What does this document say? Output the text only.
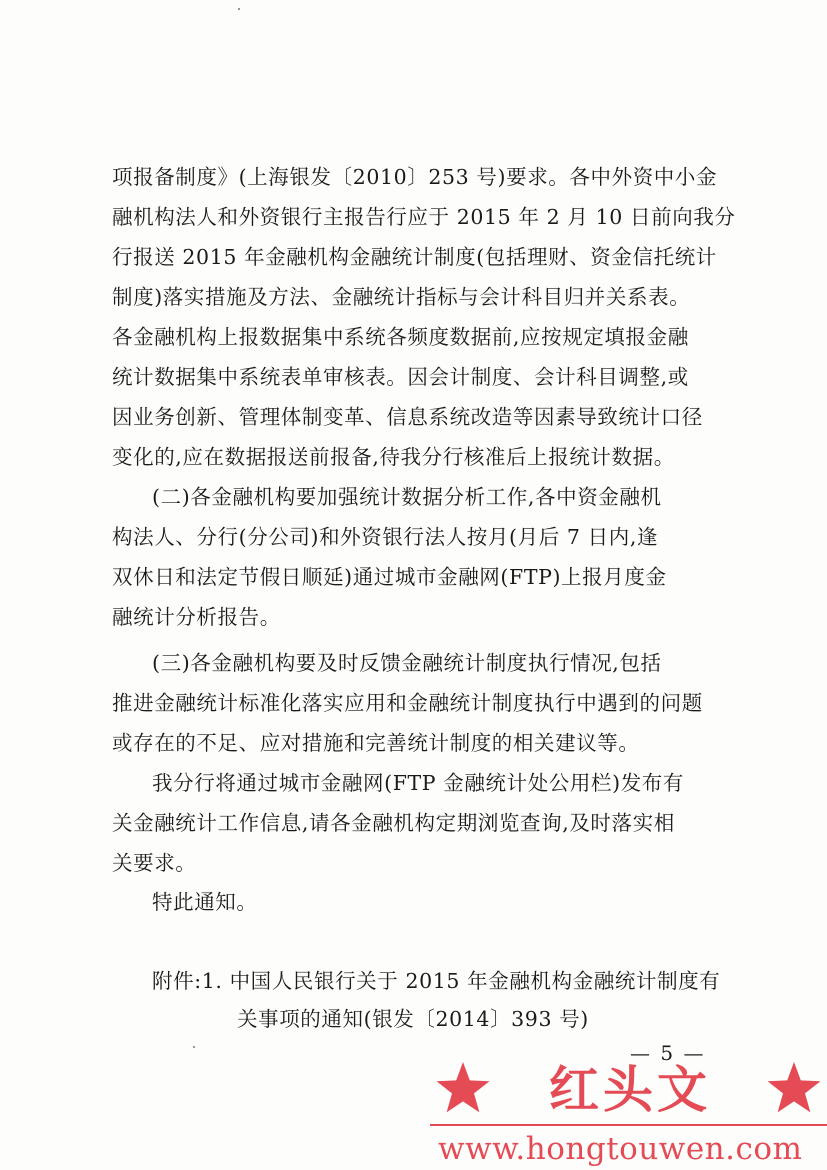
项报备制度》(上海银发〔2010〕253 号)要求。各中外资中小金
融机构法人和外资银行主报告行应于 2015 年 2 月 10 日前向我分
行报送 2015 年金融机构金融统计制度(包括理财、资金信托统计
制度)落实措施及方法、金融统计指标与会计科目归并关系表。
各金融机构上报数据集中系统各频度数据前,应按规定填报金融
统计数据集中系统表单审核表。因会计制度、会计科目调整,或
因业务创新、管理体制变革、信息系统改造等因素导致统计口径
变化的,应在数据报送前报备,待我分行核准后上报统计数据。
(二)各金融机构要加强统计数据分析工作,各中资金融机
构法人、分行(分公司)和外资银行法人按月(月后 7 日内,逢
双休日和法定节假日顺延)通过城市金融网(FTP)上报月度金
融统计分析报告。
(三)各金融机构要及时反馈金融统计制度执行情况,包括
推进金融统计标准化落实应用和金融统计制度执行中遇到的问题
或存在的不足、应对措施和完善统计制度的相关建议等。
我分行将通过城市金融网(FTP 金融统计处公用栏)发布有
关金融统计工作信息,请各金融机构定期浏览查询,及时落实相
关要求。
特此通知。
附件:1. 中国人民银行关于 2015 年金融机构金融统计制度有
关事项的通知(银发〔2014〕393 号)
— 5 —
红头文
www.hongtouwen.com
